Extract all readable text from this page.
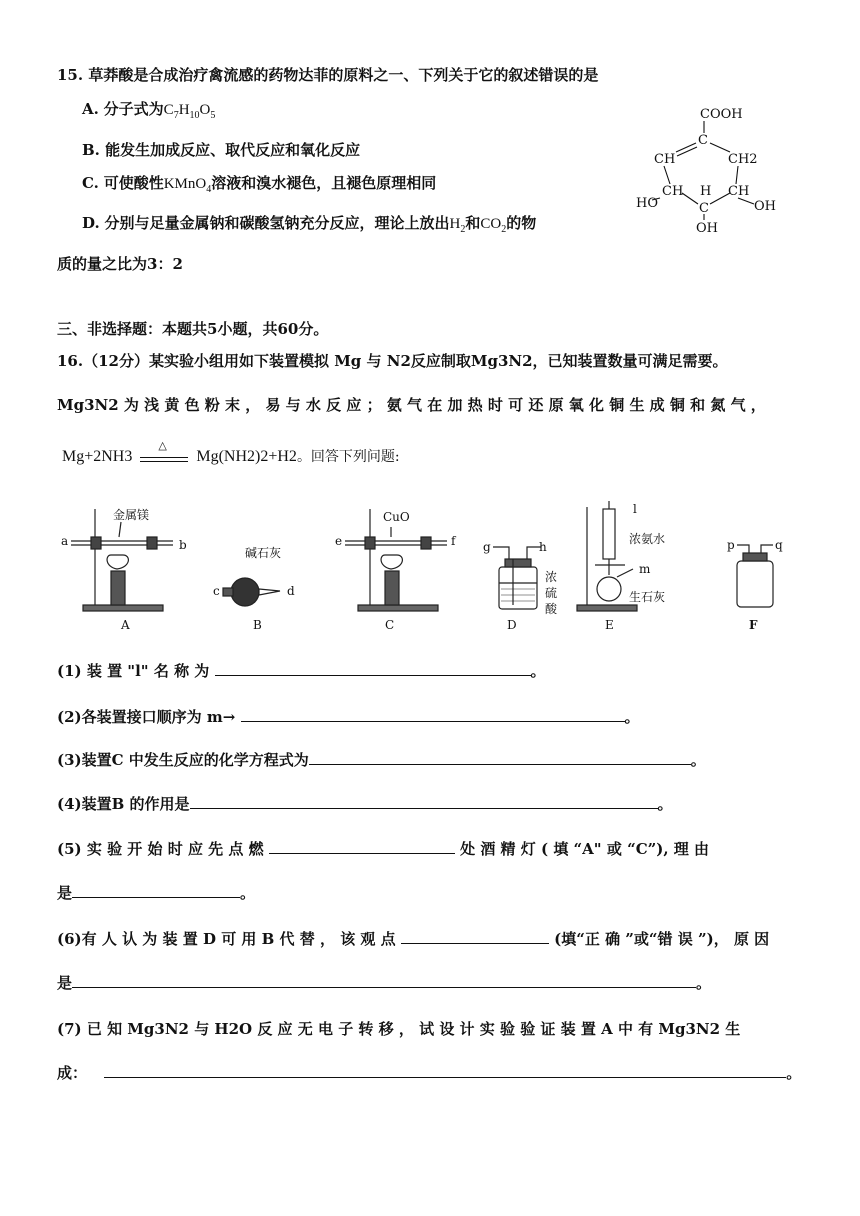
15. 草莽酸是合成治疗禽流感的药物达菲的原料之一、下列关于它的叙述错误的是
A. 分子式为$C_7H_{10}O_5$
B. 能发生加成反应、取代反应和氧化反应
C. 可使酸性KMnO$_4$溶液和溴水褪色，且褪色原理相同
D. 分别与足量金属钠和碳酸氢钠充分反应，理论上放出$H_2$和$CO_2$的物
质的量之比为3：2
COOH
C
CH	CH2
HO
CH H
C
CH
OH
OH
三、非选择题：本题共5小题，共60分。
16.（12分）某实验小组用如下装置模拟 Mg 与 N2反应制取Mg3N2，已知装置数量可满足需要。
Mg3N2 为 浅 黄 色 粉 末 ， 易 与 水 反 应 ； 氨 气 在 加 热 时 可 还 原 氧 化 铜 生 成 铜 和 氮 气 ，
Mg+2NH3
△
Mg(NH2)2+H2。回答下列问题:
金属镁
a	b
A
碱石灰
c	d
B
CuO
e	f
C
g	h
浓
硫
酸
D
l
浓氨水
m
生石灰
E
p	q
F
(1) 装 置 "l" 名 称 为	。
(2)各装置接口顺序为 m→	。
(3)装置C 中发生反应的化学方程式为	。
(4)装置B 的作用是	。
(5) 实 验 开 始 时 应 先 点 燃	处 酒 精 灯 ( 填 “A" 或 “C”), 理 由
是	。
(6)有 人 认 为 装 置 D 可 用 B 代 替 ， 该 观 点	(填“正 确 ”或“错 误 ”)， 原 因
是	。
(7) 已 知 Mg3N2 与 H2O 反 应 无 电 子 转 移 ， 试 设 计 实 验 验 证 装 置 A 中 有 Mg3N2 生
成：	。
